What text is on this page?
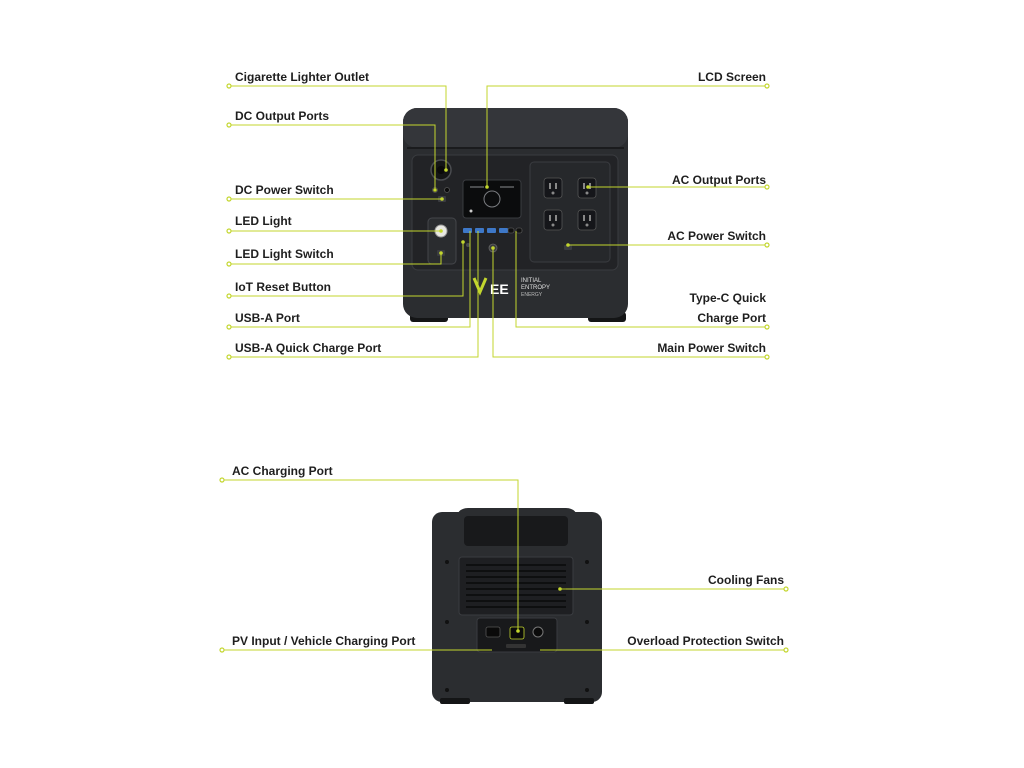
EE INITIAL
ENTROPY
ENERGY
Cigarette Lighter Outlet
DC Output Ports
DC Power Switch
LED Light
LED Light Switch
IoT Reset Button
USB-A Port
USB-A Quick Charge Port
LCD Screen
AC Output Ports
AC Power Switch
Type-C Quick
Charge Port
Main Power Switch
AC Charging Port
Cooling Fans
PV Input / Vehicle Charging Port	Overload Protection Switch
